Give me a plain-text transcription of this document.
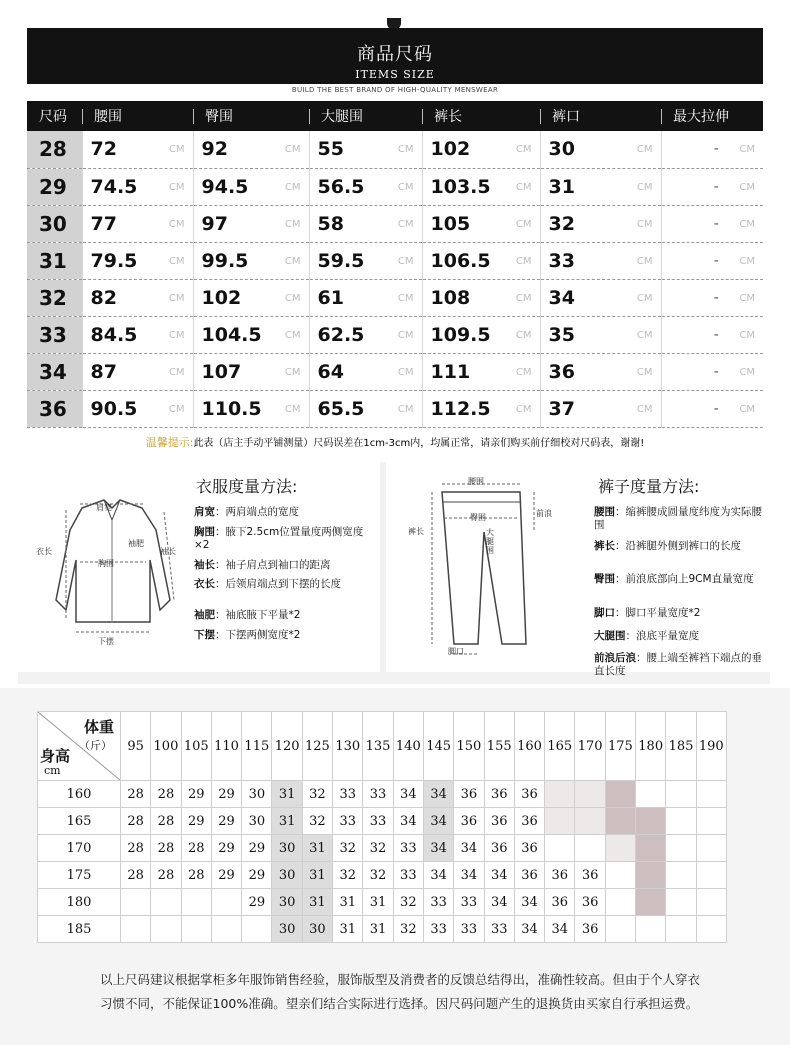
商品尺码
ITEMS SIZE
BUILD THE BEST BRAND OF HIGH-QUALITY MENSWEAR
尺码	腰围	臀围	大腿围	裤长	裤口	最大拉伸

28	72 CM	92 CM	55 CM	102 CM	30 CM	- CM

29	74.5 CM	94.5 CM	56.5 CM	103.5 CM	31 CM	- CM

30	77 CM	97 CM	58 CM	105 CM	32 CM	- CM

31	79.5 CM	99.5 CM	59.5 CM	106.5 CM	33 CM	- CM

32	82 CM	102 CM	61 CM	108 CM	34 CM	- CM

33	84.5 CM	104.5 CM	62.5 CM	109.5 CM	35 CM	- CM

34	87 CM	107 CM	64 CM	111 CM	36 CM	- CM

36	90.5 CM	110.5 CM	65.5 CM	112.5 CM	37 CM	- CM
温馨提示:此表（店主手动平铺测量）尺码误差在1cm-3cm内，均属正常，请亲们购买前仔细校对尺码表，谢谢!
肩宽
衣长
胸围
袖肥
袖长
下摆
衣服度量方法:
肩宽：两肩端点的宽度
胸围：腋下2.5cm位置量度两侧宽度×2
袖长：袖子肩点到袖口的距离
衣长：后领肩端点到下摆的长度
袖肥：袖底腋下平量*2
下摆：下摆两侧宽度*2
腰围
臀围	前浪
裤长	大腿围
脚口
裤子度量方法:
腰围：缩裤腰成圆量度纬度为实际腰围
裤长：沿裤腿外侧到裤口的长度
臀围：前浪底部向上9CM直量宽度
脚口：脚口平量宽度*2
大腿围：浪底平量宽度
前浪后浪：腰上端至裤裆下端点的垂直长度
体重
（斤）
身高
cm	95	100	105	110	115	120	125	130	135	140	145	150	155	160	165	170	175	180	185	190
160	28	28	29	29	30	31	32	33	33	34	34	36	36	36						
165	28	28	29	29	30	31	32	33	33	34	34	36	36	36						
170	28	28	28	29	29	30	31	32	32	33	34	34	36	36						
175	28	28	28	29	29	30	31	32	32	33	34	34	34	36	36	36				
180					29	30	31	31	31	32	33	33	34	34	36	36				
185						30	30	31	31	32	33	33	33	34	34	36				
以上尺码建议根据掌柜多年服饰销售经验，服饰版型及消费者的反馈总结得出，准确性较高。但由于个人穿衣习惯不同，不能保证100%准确。望亲们结合实际进行选择。因尺码问题产生的退换货由买家自行承担运费。
